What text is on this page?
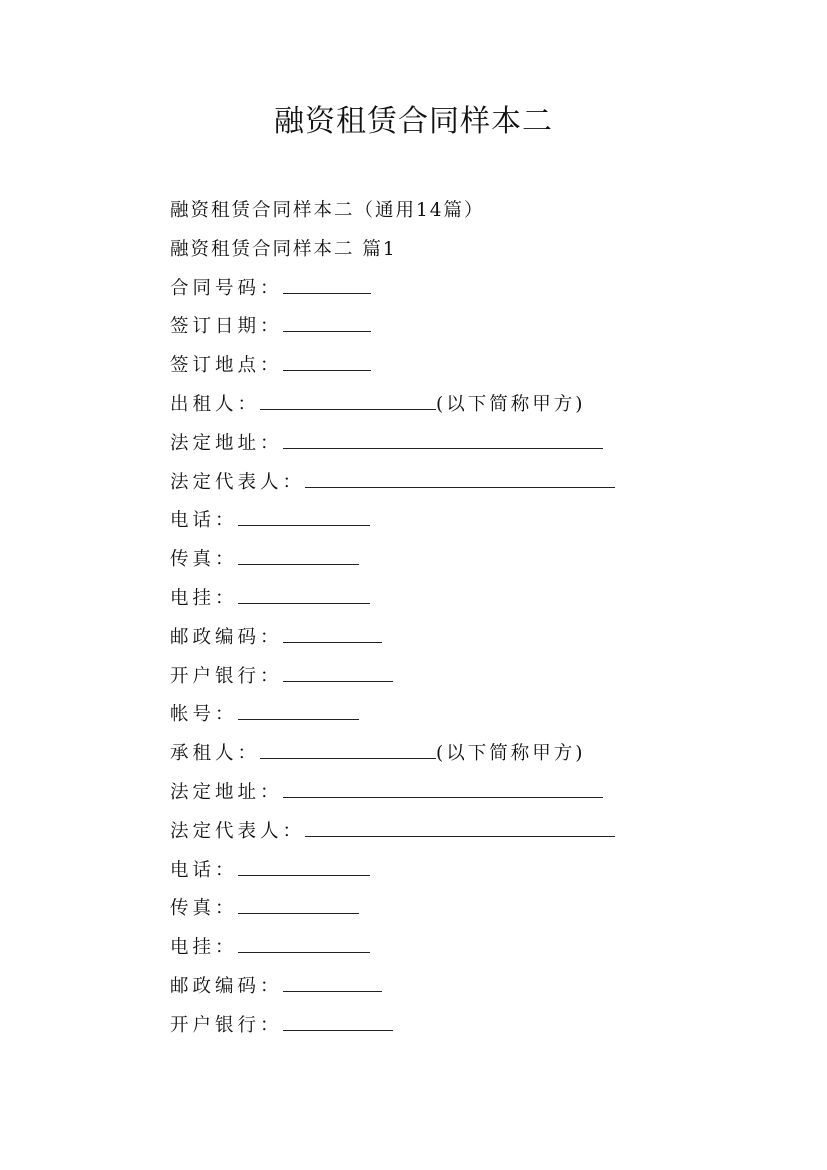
融资租赁合同样本二
融资租赁合同样本二（通用14篇）
融资租赁合同样本二 篇1
合同号码：
签订日期：
签订地点：
出租人：	(以下简称甲方)
法定地址：
法定代表人：
电话：
传真：
电挂：
邮政编码：
开户银行：
帐号：
承租人：	(以下简称甲方)
法定地址：
法定代表人：
电话：
传真：
电挂：
邮政编码：
开户银行：
